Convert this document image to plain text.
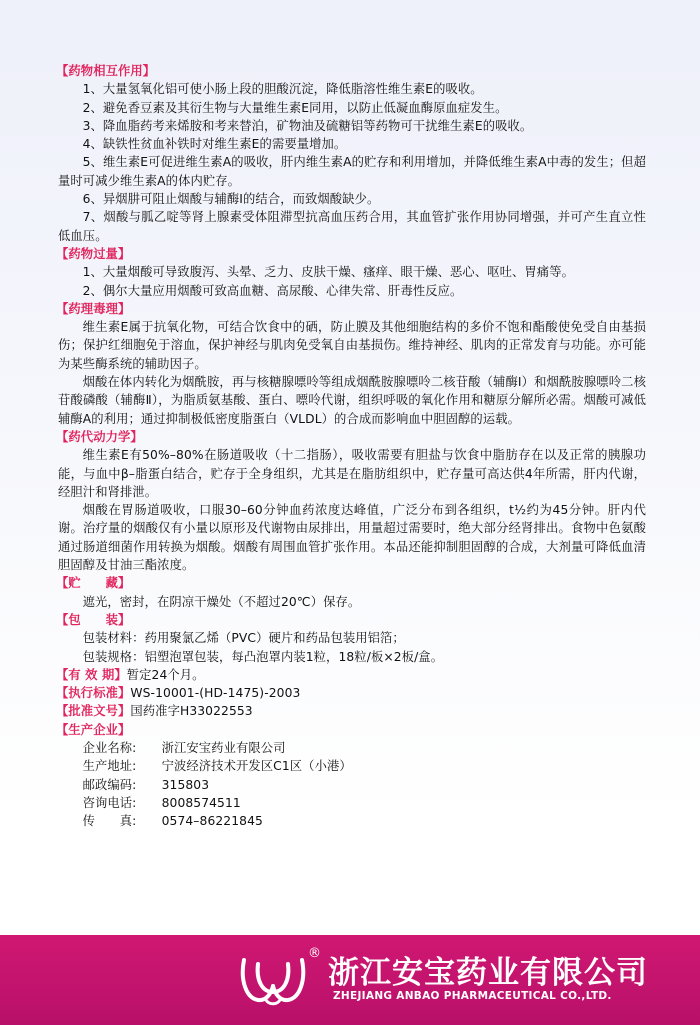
【药物相互作用】

1、大量氢氧化铝可使小肠上段的胆酸沉淀，降低脂溶性维生素E的吸收。

2、避免香豆素及其衍生物与大量维生素E同用，以防止低凝血酶原血症发生。

3、降血脂药考来烯胺和考来替泊，矿物油及硫糖铝等药物可干扰维生素E的吸收。

4、缺铁性贫血补铁时对维生素E的需要量增加。

5、维生素E可促进维生素A的吸收，肝内维生素A的贮存和利用增加，并降低维生素A中毒的发生；但超量时可减少维生素A的体内贮存。

6、异烟肼可阻止烟酸与辅酶Ⅰ的结合，而致烟酸缺少。

7、烟酸与胍乙啶等肾上腺素受体阻滞型抗高血压药合用，其血管扩张作用协同增强，并可产生直立性低血压。

【药物过量】

1、大量烟酸可导致腹泻、头晕、乏力、皮肤干燥、瘙痒、眼干燥、恶心、呕吐、胃痛等。

2、偶尔大量应用烟酸可致高血糖、高尿酸、心律失常、肝毒性反应。

【药理毒理】

维生素E属于抗氧化物，可结合饮食中的硒，防止膜及其他细胞结构的多价不饱和酯酸使免受自由基损伤；保护红细胞免于溶血，保护神经与肌肉免受氧自由基损伤。维持神经、肌肉的正常发育与功能。亦可能为某些酶系统的辅助因子。

烟酸在体内转化为烟酰胺，再与核糖腺嘌呤等组成烟酰胺腺嘌呤二核苷酸（辅酶Ⅰ）和烟酰胺腺嘌呤二核苷酸磷酸（辅酶Ⅱ），为脂质氨基酸、蛋白、嘌呤代谢，组织呼吸的氧化作用和糖原分解所必需。烟酸可减低辅酶A的利用；通过抑制极低密度脂蛋白（VLDL）的合成而影响血中胆固醇的运载。

【药代动力学】

维生素E有50%–80%在肠道吸收（十二指肠），吸收需要有胆盐与饮食中脂肪存在以及正常的胰腺功能，与血中β–脂蛋白结合，贮存于全身组织，尤其是在脂肪组织中，贮存量可高达供4年所需，肝内代谢，经胆汁和肾排泄。

烟酸在胃肠道吸收，口服30–60分钟血药浓度达峰值，广泛分布到各组织，t½约为45分钟。肝内代谢。治疗量的烟酸仅有小量以原形及代谢物由尿排出，用量超过需要时，绝大部分经肾排出。食物中色氨酸通过肠道细菌作用转换为烟酸。烟酸有周围血管扩张作用。本品还能抑制胆固醇的合成，大剂量可降低血清胆固醇及甘油三酯浓度。

【贮　　藏】

遮光，密封，在阴凉干燥处（不超过20℃）保存。

【包　　装】

包装材料：药用聚氯乙烯（PVC）硬片和药品包装用铝箔；

包装规格：铝塑泡罩包装，每凸泡罩内装1粒，18粒/板×2板/盒。

【有 效 期】暂定24个月。
【执行标准】WS-10001-(HD-1475)-2003
【批准文号】国药准字H33022553
【生产企业】
企业名称:	浙江安宝药业有限公司
生产地址:	宁波经济技术开发区C1区（小港）
邮政编码:	315803
咨询电话:	8008574511
传　　真:	0574–86221845
®
浙江安宝药业有限公司
ZHEJIANG ANBAO PHARMACEUTICAL CO.,LTD.
